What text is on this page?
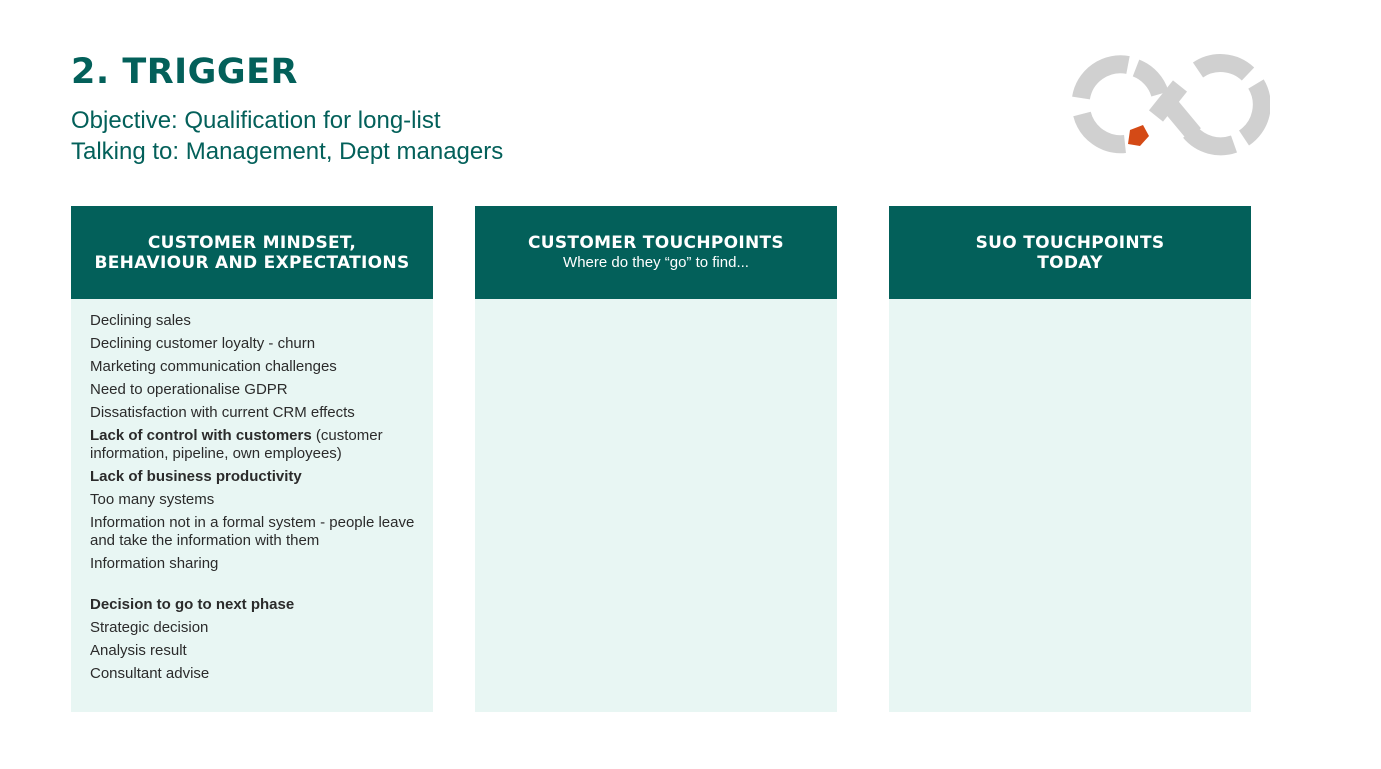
2. TRIGGER
Objective: Qualification for long-list
Talking to: Management, Dept managers
CUSTOMER MINDSET,
BEHAVIOUR AND EXPECTATIONS
Declining sales
Declining customer loyalty - churn
Marketing communication challenges
Need to operationalise GDPR
Dissatisfaction with current CRM effects
Lack of control with customers (customer information, pipeline, own employees)
Lack of business productivity
Too many systems
Information not in a formal system - people leave and take the information with them
Information sharing
Decision to go to next phase
Strategic decision
Analysis result
Consultant advise
CUSTOMER TOUCHPOINTS
Where do they “go” to find...
SUO TOUCHPOINTS
TODAY
